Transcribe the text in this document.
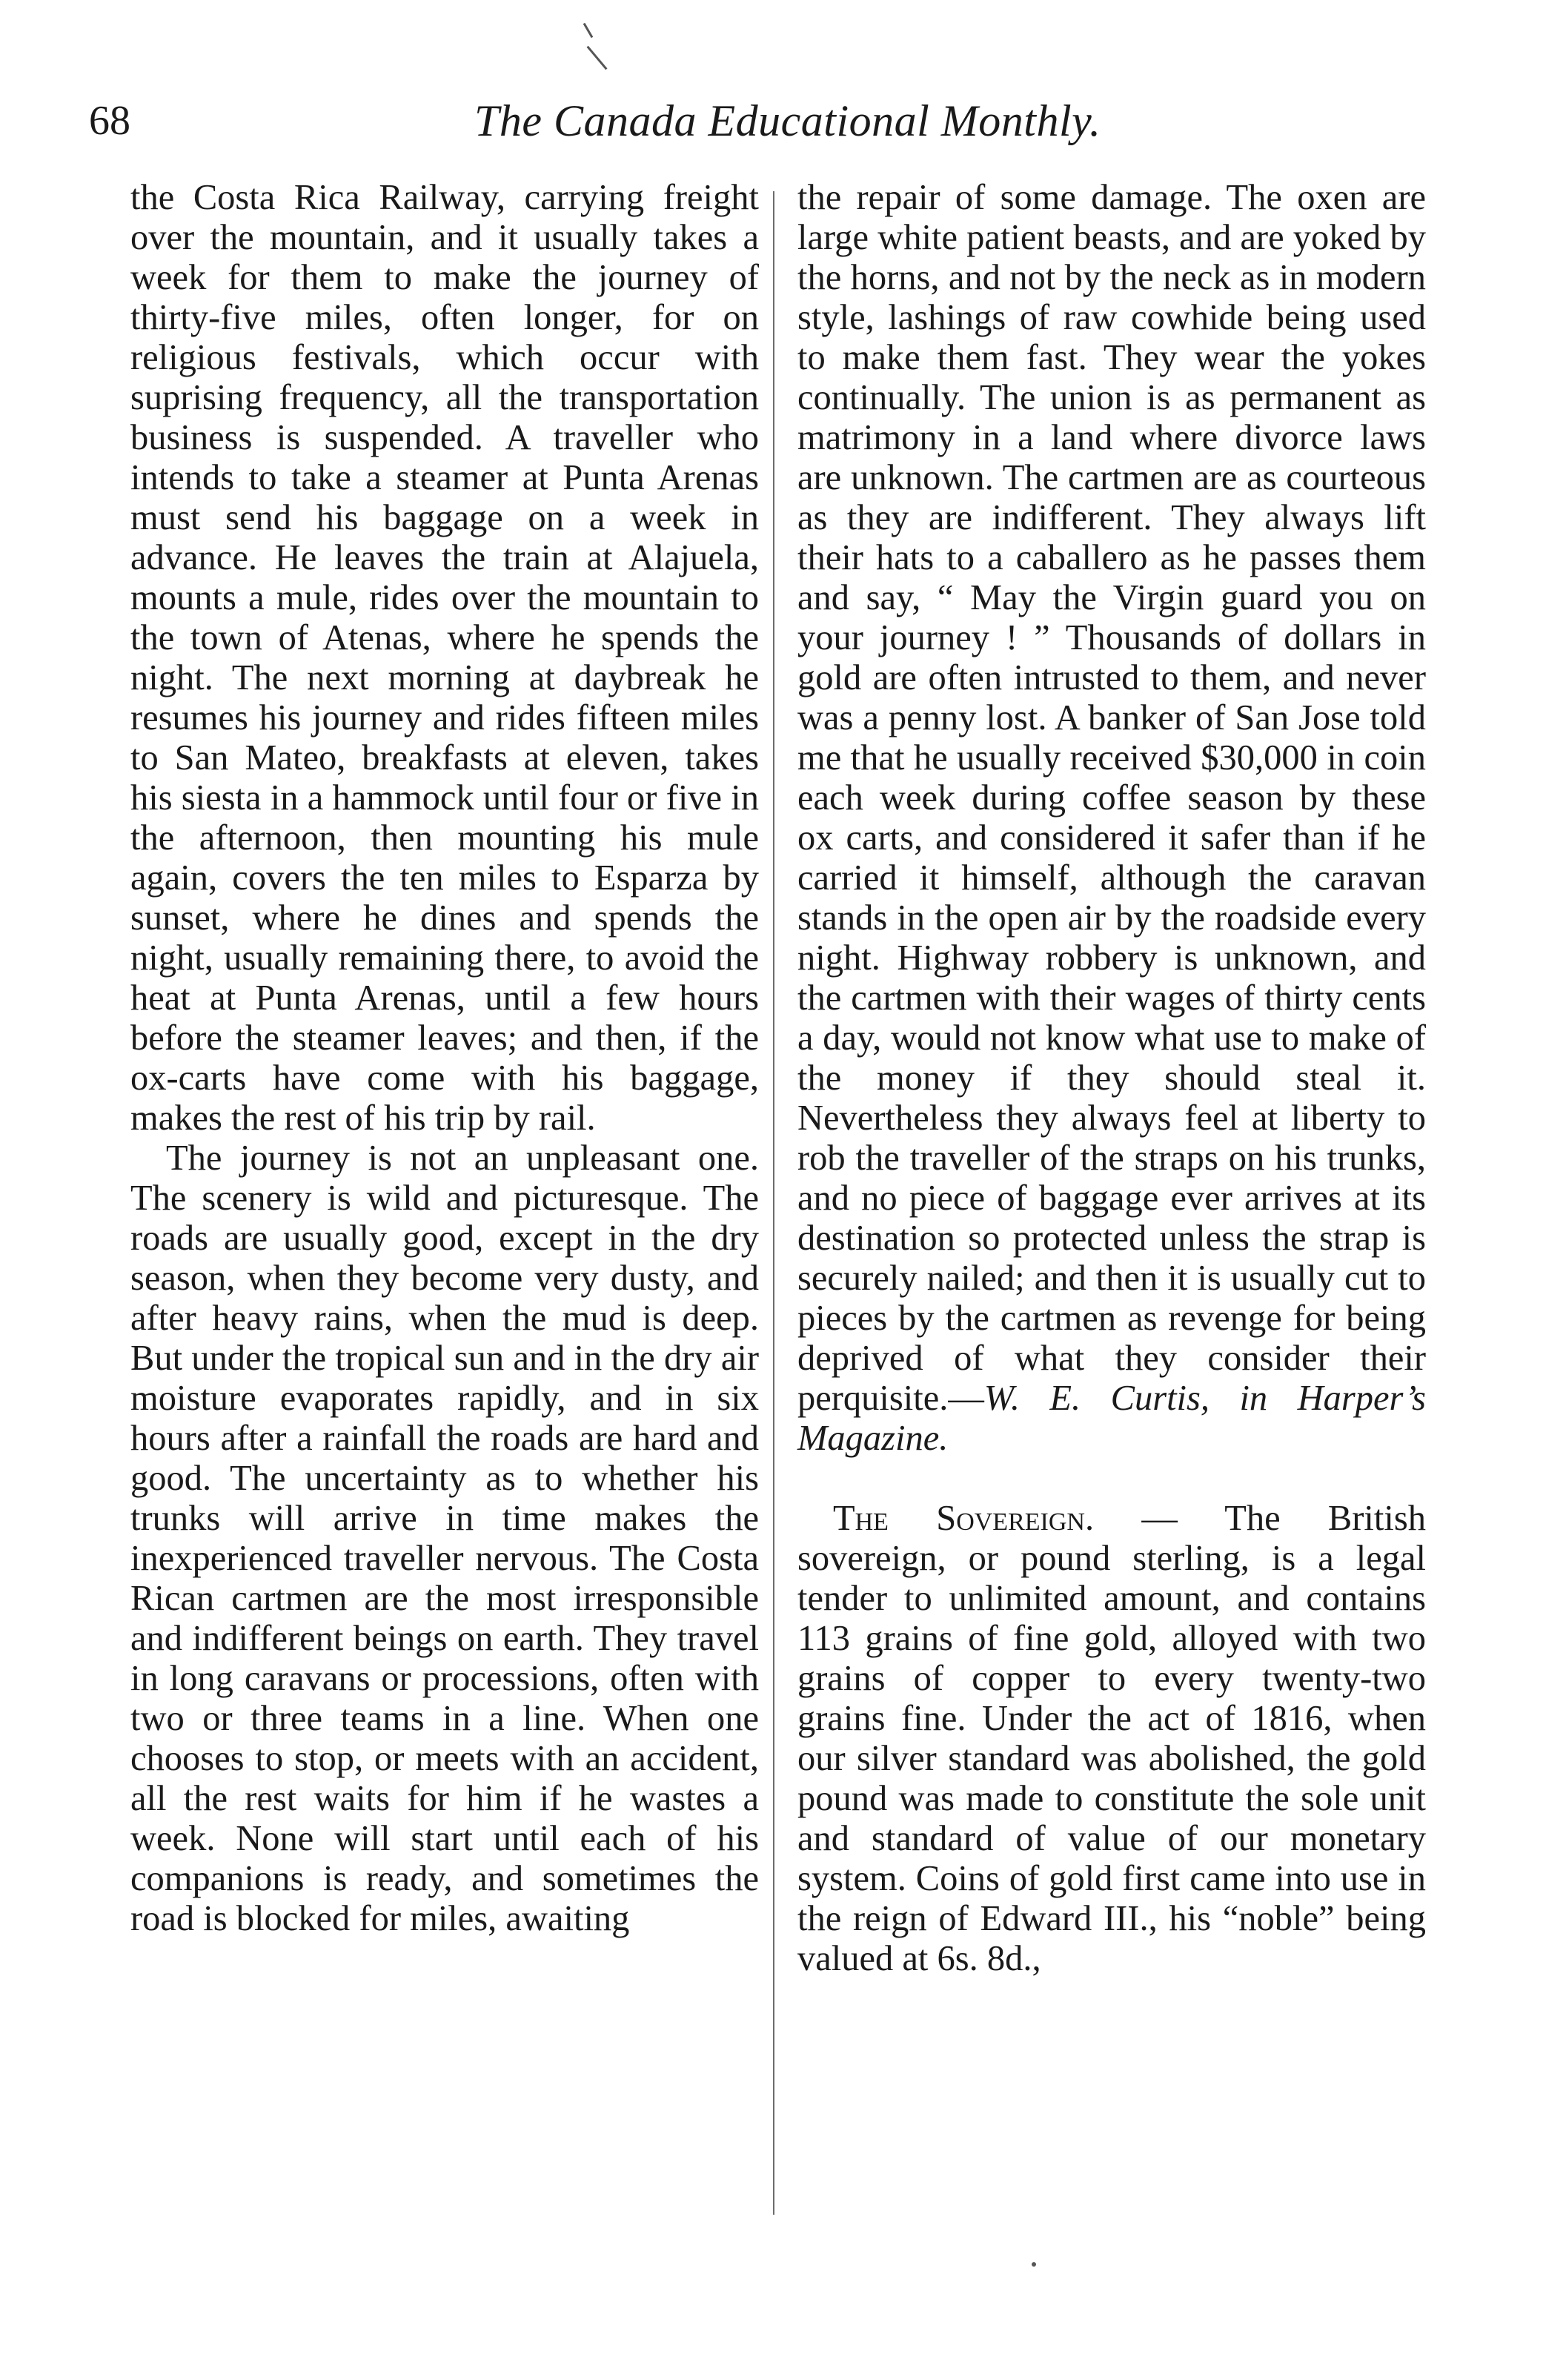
68	The Canada Educational Monthly.

the Costa Rica Railway, carrying freight over the mountain, and it usually takes a week for them to make the journey of thirty-five miles, often longer, for on religious festivals, which occur with suprising frequency, all the transportation business is suspended. A traveller who intends to take a steamer at Punta Arenas must send his baggage on a week in advance. He leaves the train at Alajuela, mounts a mule, rides over the mountain to the town of Atenas, where he spends the night. The next morning at daybreak he resumes his journey and rides fifteen miles to San Mateo, breakfasts at eleven, takes his siesta in a hammock until four or five in the afternoon, then mounting his mule again, covers the ten miles to Esparza by sunset, where he dines and spends the night, usually remaining there, to avoid the heat at Punta Arenas, until a few hours before the steamer leaves; and then, if the ox-carts have come with his baggage, makes the rest of his trip by rail.

The journey is not an unpleasant one. The scenery is wild and picturesque. The roads are usually good, except in the dry season, when they become very dusty, and after heavy rains, when the mud is deep. But under the tropical sun and in the dry air moisture evaporates rapidly, and in six hours after a rainfall the roads are hard and good. The uncertainty as to whether his trunks will arrive in time makes the inexperienced traveller nervous. The Costa Rican cartmen are the most irresponsible and indifferent beings on earth. They travel in long caravans or processions, often with two or three teams in a line. When one chooses to stop, or meets with an accident, all the rest waits for him if he wastes a week. None will start until each of his companions is ready, and sometimes the road is blocked for miles, awaiting

the repair of some damage. The oxen are large white patient beasts, and are yoked by the horns, and not by the neck as in modern style, lashings of raw cowhide being used to make them fast. They wear the yokes continually. The union is as permanent as matrimony in a land where divorce laws are unknown. The cartmen are as courteous as they are indifferent. They always lift their hats to a caballero as he passes them and say, “ May the Virgin guard you on your journey ! ” Thousands of dollars in gold are often intrusted to them, and never was a penny lost. A banker of San Jose told me that he usually received $30,000 in coin each week during coffee season by these ox carts, and considered it safer than if he carried it himself, although the caravan stands in the open air by the roadside every night. Highway robbery is unknown, and the cartmen with their wages of thirty cents a day, would not know what use to make of the money if they should steal it. Nevertheless they always feel at liberty to rob the traveller of the straps on his trunks, and no piece of baggage ever arrives at its destination so protected unless the strap is securely nailed; and then it is usually cut to pieces by the cartmen as revenge for being deprived of what they consider their perquisite.—W. E. Curtis, in Harper’s Magazine.

The Sovereign. — The British sovereign, or pound sterling, is a legal tender to unlimited amount, and contains 113 grains of fine gold, alloyed with two grains of copper to every twenty-two grains fine. Under the act of 1816, when our silver standard was abolished, the gold pound was made to constitute the sole unit and standard of value of our monetary system. Coins of gold first came into use in the reign of Edward III., his “noble” being valued at 6s. 8d.,
